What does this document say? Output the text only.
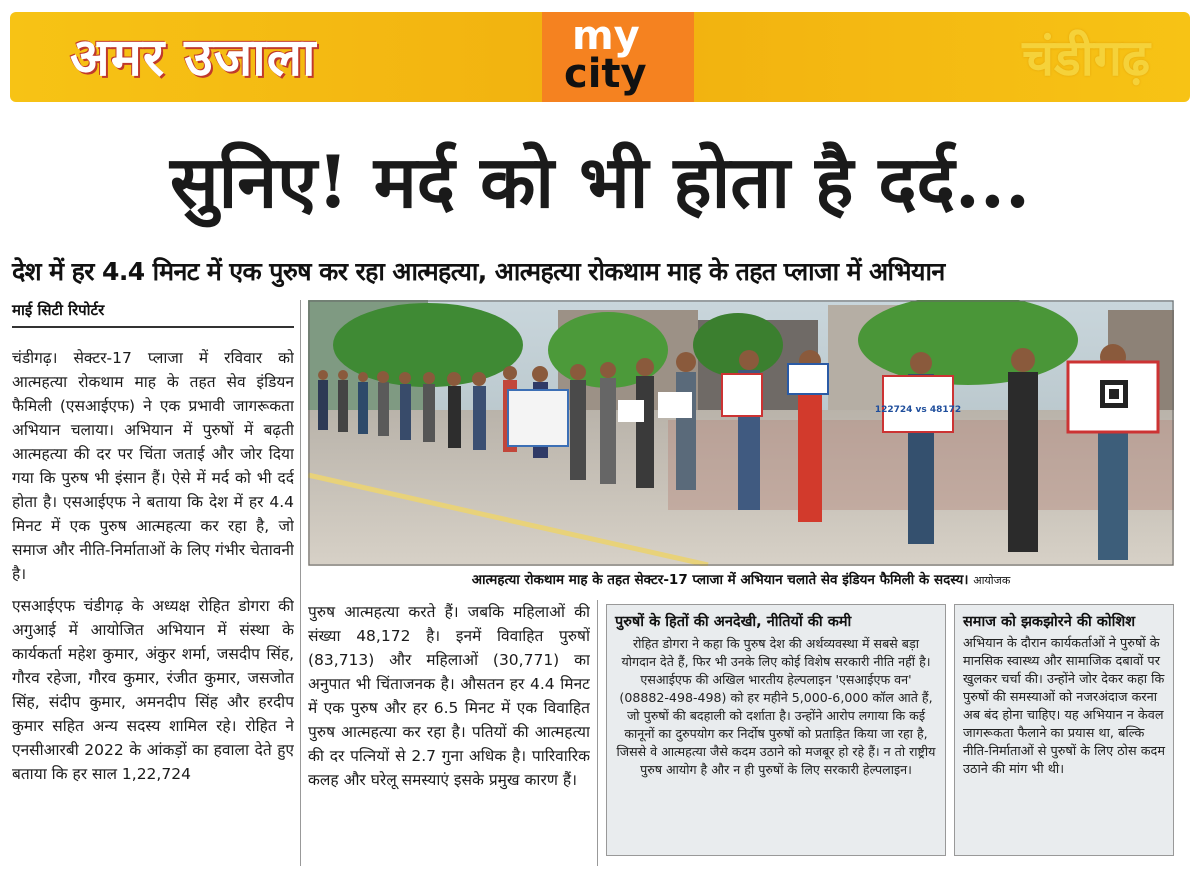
अमर उजाला	my
city	चंडीगढ़
सुनिए! मर्द को भी होता है दर्द...
देश में हर 4.4 मिनट में एक पुरुष कर रहा आत्महत्या, आत्महत्या रोकथाम माह के तहत प्लाजा में अभियान
माई सिटी रिपोर्टर

चंडीगढ़। सेक्टर-17 प्लाजा में रविवार को आत्महत्या रोकथाम माह के तहत सेव इंडियन फैमिली (एसआईएफ) ने एक प्रभावी जागरूकता अभियान चलाया। अभियान में पुरुषों में बढ़ती आत्महत्या की दर पर चिंता जताई और जोर दिया गया कि पुरुष भी इंसान हैं। ऐसे में मर्द को भी दर्द होता है। एसआईएफ ने बताया कि देश में हर 4.4 मिनट में एक पुरुष आत्महत्या कर रहा है, जो समाज और नीति-निर्माताओं के लिए गंभीर चेतावनी है।

एसआईएफ चंडीगढ़ के अध्यक्ष रोहित डोगरा की अगुआई में आयोजित अभियान में संस्था के कार्यकर्ता महेश कुमार, अंकुर शर्मा, जसदीप सिंह, गौरव रहेजा, गौरव कुमार, रंजीत कुमार, जसजोत सिंह, संदीप कुमार, अमनदीप सिंह और हरदीप कुमार सहित अन्य सदस्य शामिल रहे। रोहित ने एनसीआरबी 2022 के आंकड़ों का हवाला देते हुए बताया कि हर साल 1,22,724

122724 vs 48172
आत्महत्या रोकथाम माह के तहत सेक्टर-17 प्लाजा में अभियान चलाते सेव इंडियन फैमिली के सदस्य। आयोजक
पुरुष आत्महत्या करते हैं। जबकि महिलाओं की संख्या 48,172 है। इनमें विवाहित पुरुषों (83,713) और महिलाओं (30,771) का अनुपात भी चिंताजनक है। औसतन हर 4.4 मिनट में एक पुरुष और हर 6.5 मिनट में एक विवाहित पुरुष आत्महत्या कर रहा है। पतियों की आत्महत्या की दर पत्नियों से 2.7 गुना अधिक है। पारिवारिक कलह और घरेलू समस्याएं इसके प्रमुख कारण हैं।
पुरुषों के हितों की अनदेखी, नीतियों की कमी
रोहित डोगरा ने कहा कि पुरुष देश की अर्थव्यवस्था में सबसे बड़ा योगदान देते हैं, फिर भी उनके लिए कोई विशेष सरकारी नीति नहीं है। एसआईएफ की अखिल भारतीय हेल्पलाइन 'एसआईएफ वन' (08882-498-498) को हर महीने 5,000-6,000 कॉल आते हैं, जो पुरुषों की बदहाली को दर्शाता है। उन्होंने आरोप लगाया कि कई कानूनों का दुरुपयोग कर निर्दोष पुरुषों को प्रताड़ित किया जा रहा है, जिससे वे आत्महत्या जैसे कदम उठाने को मजबूर हो रहे हैं। न तो राष्ट्रीय पुरुष आयोग है और न ही पुरुषों के लिए सरकारी हेल्पलाइन।
समाज को झकझोरने की कोशिश
अभियान के दौरान कार्यकर्ताओं ने पुरुषों के मानसिक स्वास्थ्य और सामाजिक दबावों पर खुलकर चर्चा की। उन्होंने जोर देकर कहा कि पुरुषों की समस्याओं को नजरअंदाज करना अब बंद होना चाहिए। यह अभियान न केवल जागरूकता फैलाने का प्रयास था, बल्कि नीति-निर्माताओं से पुरुषों के लिए ठोस कदम उठाने की मांग भी थी।
